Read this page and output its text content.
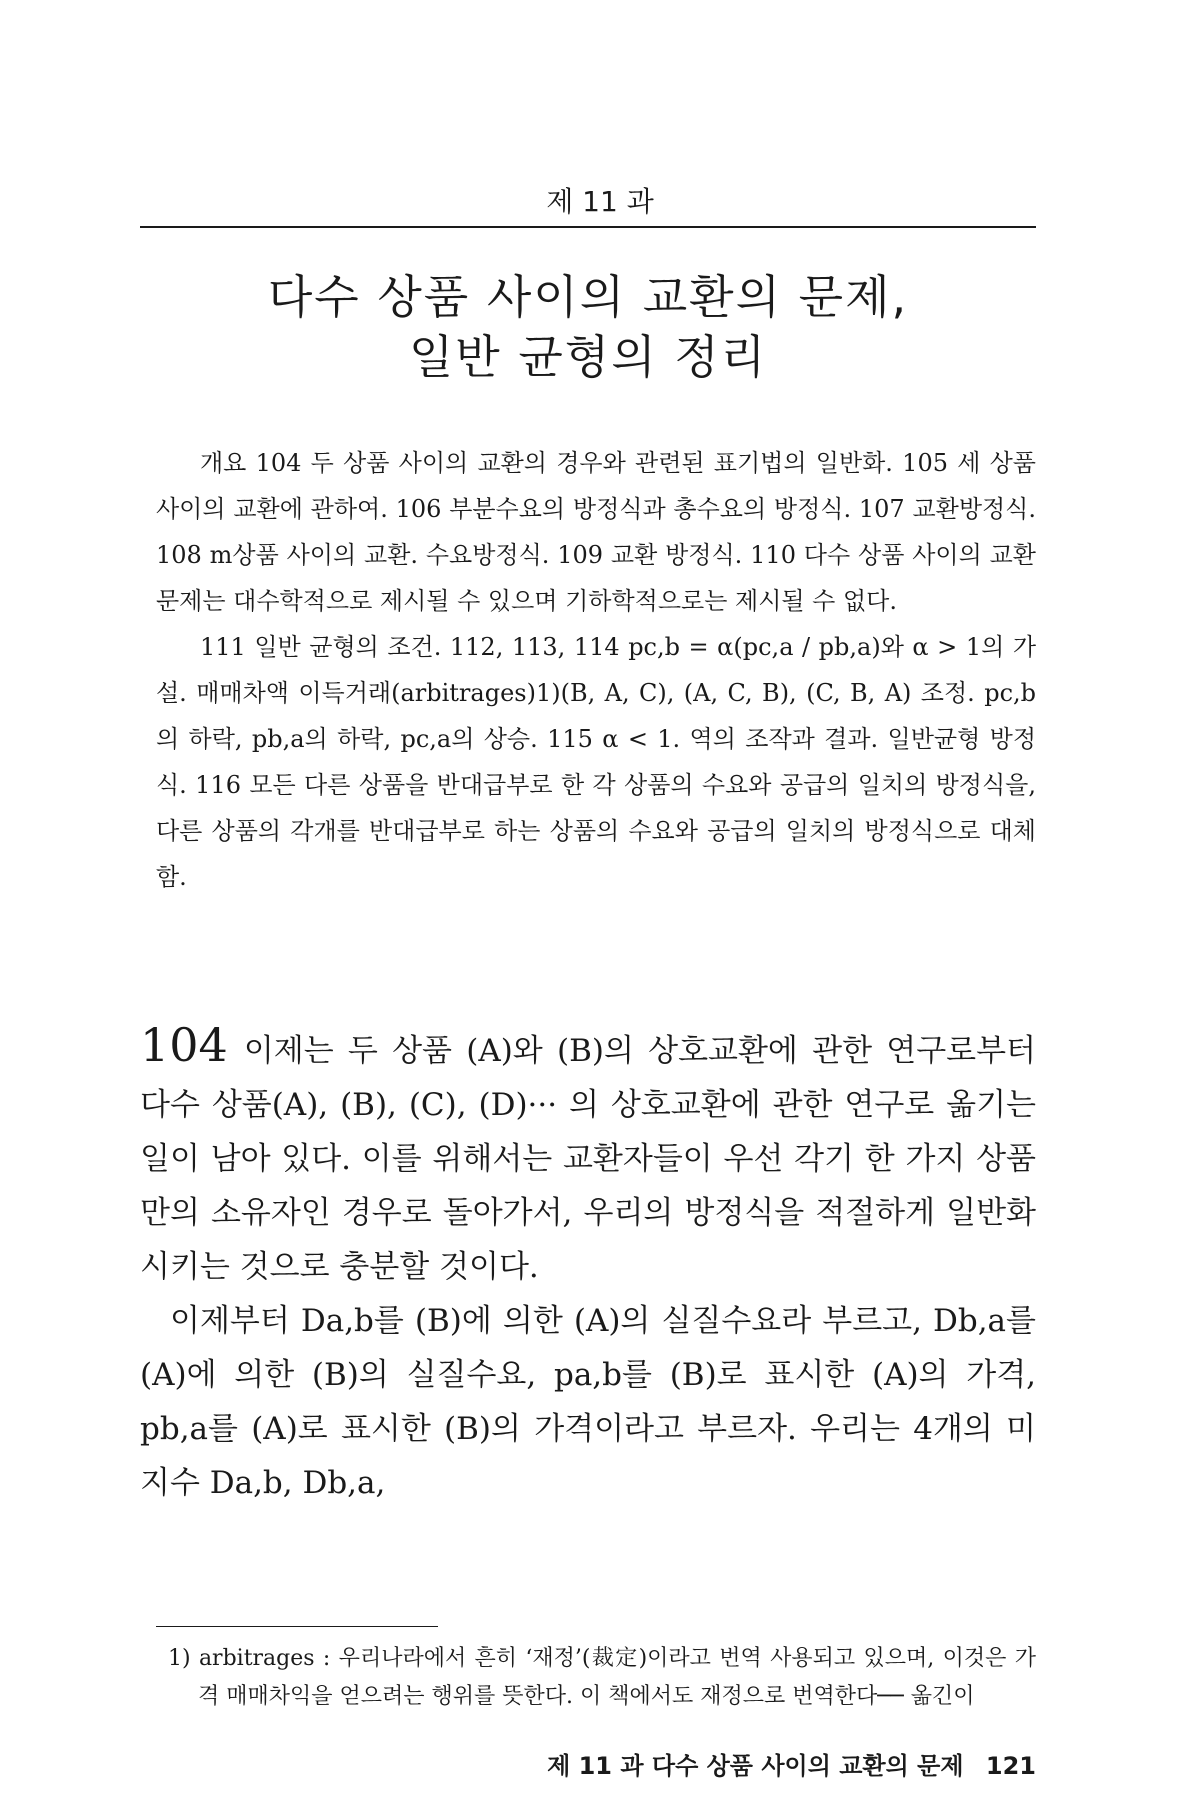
제 11 과
다수 상품 사이의 교환의 문제,
일반 균형의 정리

개요 104 두 상품 사이의 교환의 경우와 관련된 표기법의 일반화. 105 세 상품 사이의 교환에 관하여. 106 부분수요의 방정식과 총수요의 방정식. 107 교환방정식. 108 m상품 사이의 교환. 수요방정식. 109 교환 방정식. 110 다수 상품 사이의 교환 문제는 대수학적으로 제시될 수 있으며 기하학적으로는 제시될 수 없다.

111 일반 균형의 조건. 112, 113, 114 pc,b = α(pc,a / pb,a)와 α > 1의 가설. 매매차액 이득거래(arbitrages)1)(B, A, C), (A, C, B), (C, B, A) 조정. pc,b의 하락, pb,a의 하락, pc,a의 상승. 115 α < 1. 역의 조작과 결과. 일반균형 방정식. 116 모든 다른 상품을 반대급부로 한 각 상품의 수요와 공급의 일치의 방정식을, 다른 상품의 각개를 반대급부로 하는 상품의 수요와 공급의 일치의 방정식으로 대체함.

104 이제는 두 상품 (A)와 (B)의 상호교환에 관한 연구로부터 다수 상품(A), (B), (C), (D)··· 의 상호교환에 관한 연구로 옮기는 일이 남아 있다. 이를 위해서는 교환자들이 우선 각기 한 가지 상품만의 소유자인 경우로 돌아가서, 우리의 방정식을 적절하게 일반화시키는 것으로 충분할 것이다.

이제부터 Da,b를 (B)에 의한 (A)의 실질수요라 부르고, Db,a를 (A)에 의한 (B)의 실질수요, pa,b를 (B)로 표시한 (A)의 가격, pb,a를 (A)로 표시한 (B)의 가격이라고 부르자. 우리는 4개의 미지수 Da,b, Db,a,

1) arbitrages : 우리나라에서 흔히 ‘재정’(裁定)이라고 번역 사용되고 있으며, 이것은 가격 매매차익을 얻으려는 행위를 뜻한다. 이 책에서도 재정으로 번역한다── 옮긴이

제 11 과 다수 상품 사이의 교환의 문제 121
